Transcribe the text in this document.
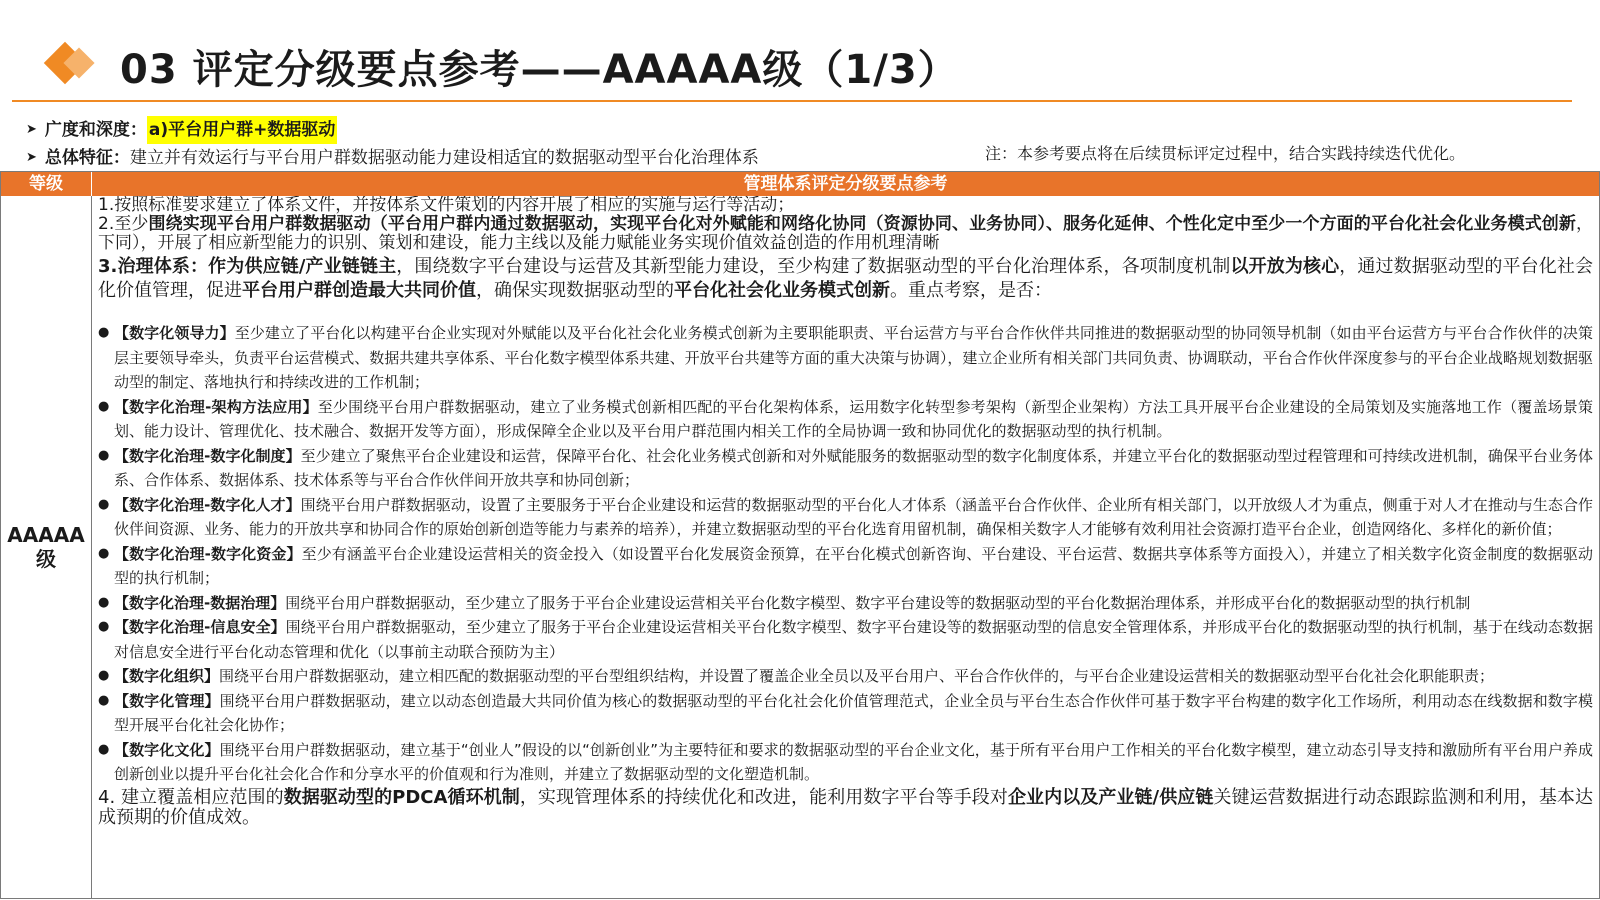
03 评定分级要点参考——AAAAA级（1/3）
➤ 广度和深度： a)平台用户群+数据驱动
➤ 总体特征： 建立并有效运行与平台用户群数据驱动能力建设相适宜的数据驱动型平台化治理体系	注：本参考要点将在后续贯标评定过程中，结合实践持续迭代优化。
等级	管理体系评定分级要点参考
AAAAA级

1.按照标准要求建立了体系文件，并按体系文件策划的内容开展了相应的实施与运行等活动；

2.至少围绕实现平台用户群数据驱动（平台用户群内通过数据驱动，实现平台化对外赋能和网络化协同（资源协同、业务协同）、服务化延伸、个性化定中至少一个方面的平台化社会化业务模式创新，下同），开展了相应新型能力的识别、策划和建设，能力主线以及能力赋能业务实现价值效益创造的作用机理清晰

3.治理体系：作为供应链/产业链链主，围绕数字平台建设与运营及其新型能力建设，至少构建了数据驱动型的平台化治理体系，各项制度机制以开放为核心，通过数据驱动型的平台化社会化价值管理，促进平台用户群创造最大共同价值，确保实现数据驱动型的平台化社会化业务模式创新。重点考察，是否：

● 【数字化领导力】至少建立了平台化以构建平台企业实现对外赋能以及平台化社会化业务模式创新为主要职能职责、平台运营方与平台合作伙伴共同推进的数据驱动型的协同领导机制（如由平台运营方与平台合作伙伴的决策层主要领导牵头，负责平台运营模式、数据共建共享体系、平台化数字模型体系共建、开放平台共建等方面的重大决策与协调），建立企业所有相关部门共同负责、协调联动，平台合作伙伴深度参与的平台企业战略规划数据驱动型的制定、落地执行和持续改进的工作机制；
● 【数字化治理-架构方法应用】至少围绕平台用户群数据驱动，建立了业务模式创新相匹配的平台化架构体系，运用数字化转型参考架构（新型企业架构）方法工具开展平台企业建设的全局策划及实施落地工作（覆盖场景策划、能力设计、管理优化、技术融合、数据开发等方面），形成保障全企业以及平台用户群范围内相关工作的全局协调一致和协同优化的数据驱动型的执行机制。
● 【数字化治理-数字化制度】至少建立了聚焦平台企业建设和运营，保障平台化、社会化业务模式创新和对外赋能服务的数据驱动型的数字化制度体系，并建立平台化的数据驱动型过程管理和可持续改进机制，确保平台业务体系、合作体系、数据体系、技术体系等与平台合作伙伴间开放共享和协同创新；
● 【数字化治理-数字化人才】围绕平台用户群数据驱动，设置了主要服务于平台企业建设和运营的数据驱动型的平台化人才体系（涵盖平台合作伙伴、企业所有相关部门，以开放级人才为重点，侧重于对人才在推动与生态合作伙伴间资源、业务、能力的开放共享和协同合作的原始创新创造等能力与素养的培养），并建立数据驱动型的平台化选育用留机制，确保相关数字人才能够有效利用社会资源打造平台企业，创造网络化、多样化的新价值；
● 【数字化治理-数字化资金】至少有涵盖平台企业建设运营相关的资金投入（如设置平台化发展资金预算，在平台化模式创新咨询、平台建设、平台运营、数据共享体系等方面投入），并建立了相关数字化资金制度的数据驱动型的执行机制；
● 【数字化治理-数据治理】围绕平台用户群数据驱动，至少建立了服务于平台企业建设运营相关平台化数字模型、数字平台建设等的数据驱动型的平台化数据治理体系，并形成平台化的数据驱动型的执行机制
● 【数字化治理-信息安全】围绕平台用户群数据驱动，至少建立了服务于平台企业建设运营相关平台化数字模型、数字平台建设等的数据驱动型的信息安全管理体系，并形成平台化的数据驱动型的执行机制，基于在线动态数据对信息安全进行平台化动态管理和优化（以事前主动联合预防为主）
● 【数字化组织】围绕平台用户群数据驱动，建立相匹配的数据驱动型的平台型组织结构，并设置了覆盖企业全员以及平台用户、平台合作伙伴的，与平台企业建设运营相关的数据驱动型平台化社会化职能职责；
● 【数字化管理】围绕平台用户群数据驱动，建立以动态创造最大共同价值为核心的数据驱动型的平台化社会化价值管理范式，企业全员与平台生态合作伙伴可基于数字平台构建的数字化工作场所，利用动态在线数据和数字模型开展平台化社会化协作；
● 【数字化文化】围绕平台用户群数据驱动，建立基于“创业人”假设的以“创新创业”为主要特征和要求的数据驱动型的平台企业文化，基于所有平台用户工作相关的平台化数字模型，建立动态引导支持和激励所有平台用户养成创新创业以提升平台化社会化合作和分享水平的价值观和行为准则，并建立了数据驱动型的文化塑造机制。

4. 建立覆盖相应范围的数据驱动型的PDCA循环机制，实现管理体系的持续优化和改进，能利用数字平台等手段对企业内以及产业链/供应链关键运营数据进行动态跟踪监测和利用，基本达成预期的价值成效。
